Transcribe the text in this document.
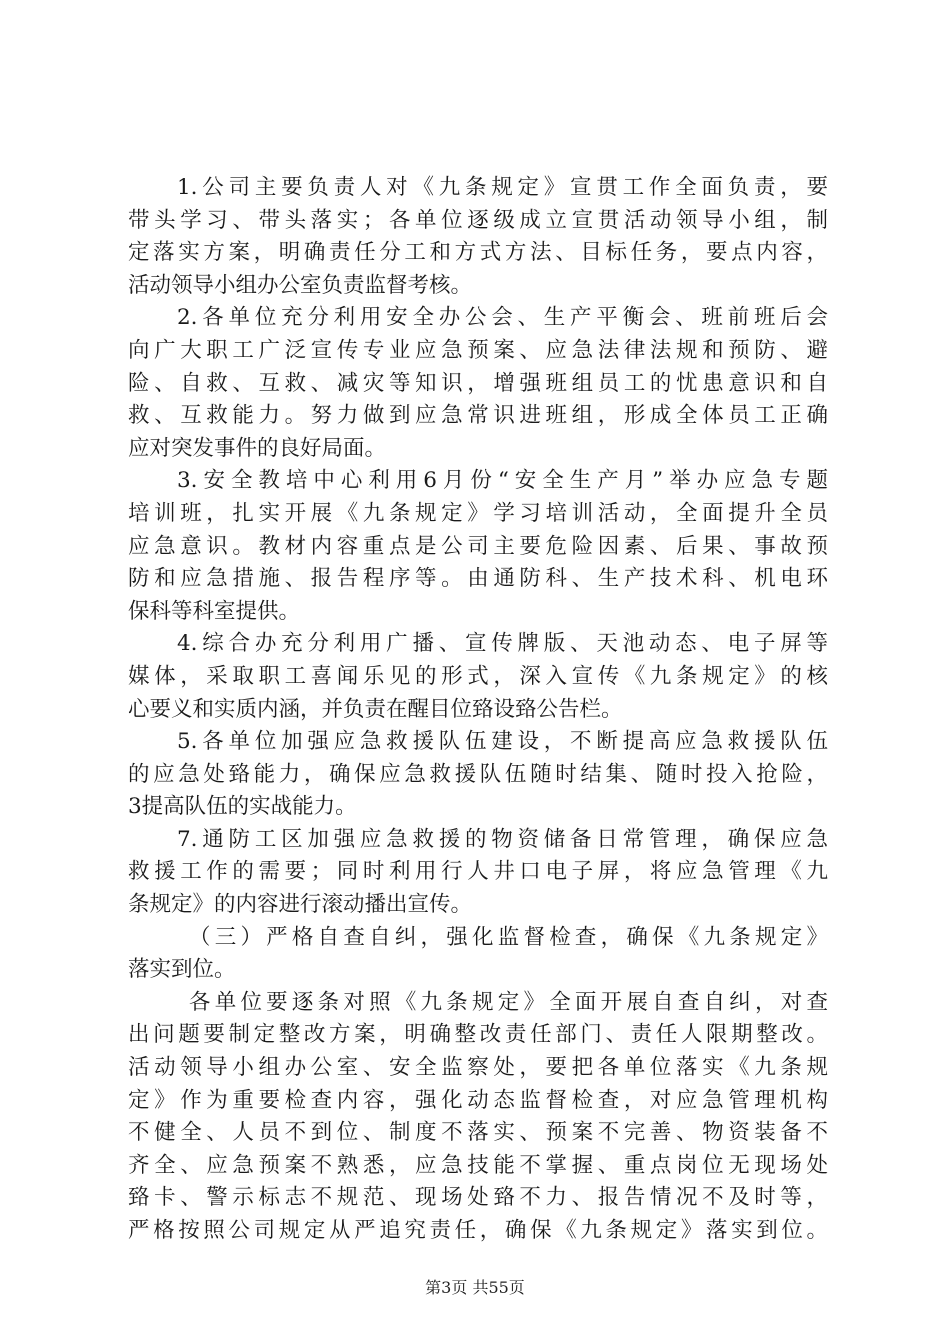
1.公司主要负责人对《九条规定》宣贯工作全面负责，要
带头学习、带头落实；各单位逐级成立宣贯活动领导小组，制
定落实方案，明确责任分工和方式方法、目标任务，要点内容，
活动领导小组办公室负责监督考核。
2.各单位充分利用安全办公会、生产平衡会、班前班后会
向广大职工广泛宣传专业应急预案、应急法律法规和预防、避
险、自救、互救、减灾等知识，增强班组员工的忧患意识和自
救、互救能力。努力做到应急常识进班组，形成全体员工正确
应对突发事件的良好局面。
3.安全教培中心利用6月份“安全生产月”举办应急专题
培训班，扎实开展《九条规定》学习培训活动，全面提升全员
应急意识。教材内容重点是公司主要危险因素、后果、事故预
防和应急措施、报告程序等。由通防科、生产技术科、机电环
保科等科室提供。
4.综合办充分利用广播、宣传牌版、天池动态、电子屏等
媒体，采取职工喜闻乐见的形式，深入宣传《九条规定》的核
心要义和实质内涵，并负责在醒目位臵设臵公告栏。
5.各单位加强应急救援队伍建设，不断提高应急救援队伍
的应急处臵能力，确保应急救援队伍随时结集、随时投入抢险，
3提高队伍的实战能力。
7.通防工区加强应急救援的物资储备日常管理，确保应急
救援工作的需要；同时利用行人井口电子屏，将应急管理《九
条规定》的内容进行滚动播出宣传。
（三）严格自查自纠，强化监督检查，确保《九条规定》
落实到位。
各单位要逐条对照《九条规定》全面开展自查自纠，对查
出问题要制定整改方案，明确整改责任部门、责任人限期整改。
活动领导小组办公室、安全监察处，要把各单位落实《九条规
定》作为重要检查内容，强化动态监督检查，对应急管理机构
不健全、人员不到位、制度不落实、预案不完善、物资装备不
齐全、应急预案不熟悉，应急技能不掌握、重点岗位无现场处
臵卡、警示标志不规范、现场处臵不力、报告情况不及时等，
严格按照公司规定从严追究责任，确保《九条规定》落实到位。
第3页 共55页
